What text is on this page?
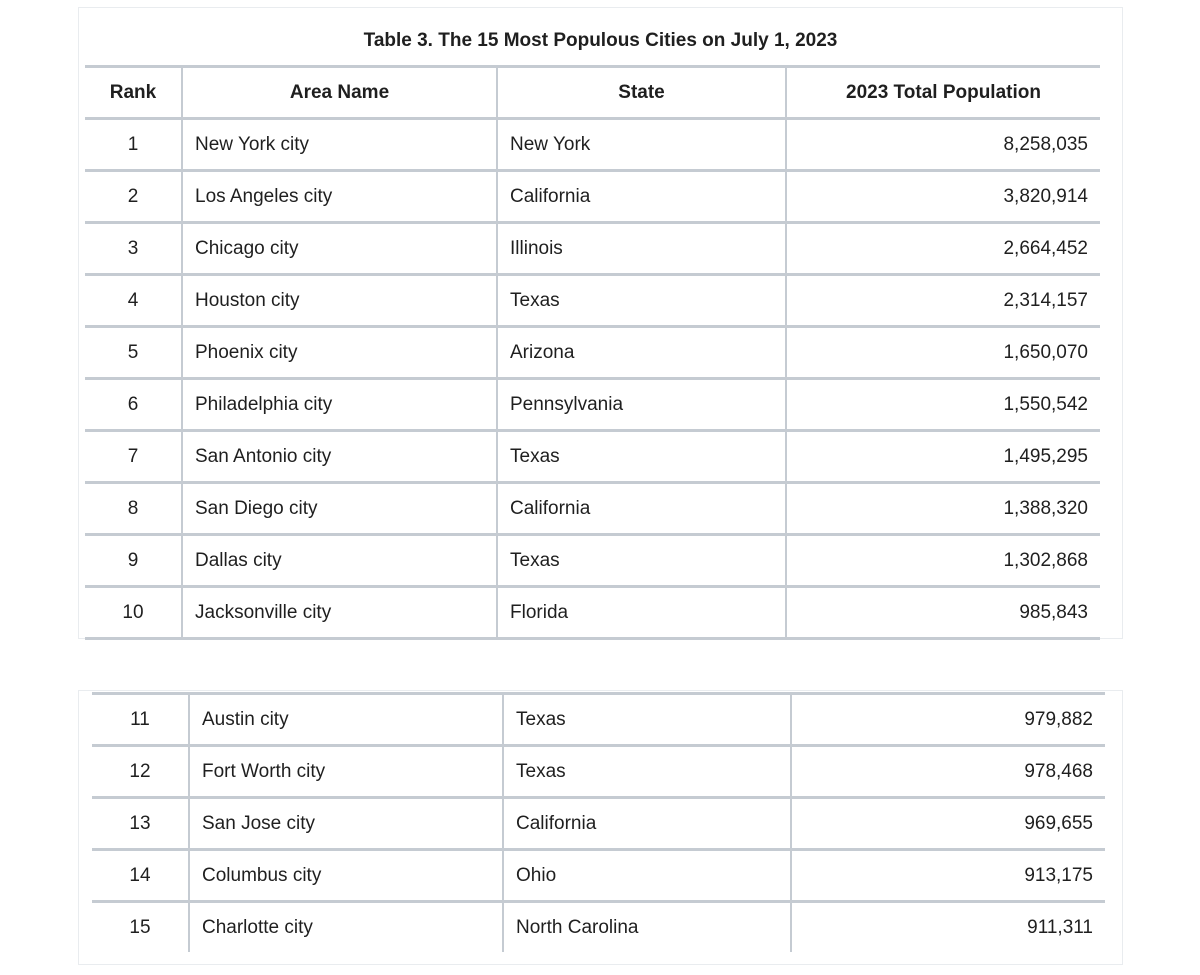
Table 3. The 15 Most Populous Cities on July 1, 2023
Rank	Area Name	State	2023 Total Population
1	New York city	New York	8,258,035
2	Los Angeles city	California	3,820,914
3	Chicago city	Illinois	2,664,452
4	Houston city	Texas	2,314,157
5	Phoenix city	Arizona	1,650,070
6	Philadelphia city	Pennsylvania	1,550,542
7	San Antonio city	Texas	1,495,295
8	San Diego city	California	1,388,320
9	Dallas city	Texas	1,302,868
10	Jacksonville city	Florida	985,843
11	Austin city	Texas	979,882
12	Fort Worth city	Texas	978,468
13	San Jose city	California	969,655
14	Columbus city	Ohio	913,175
15	Charlotte city	North Carolina	911,311
